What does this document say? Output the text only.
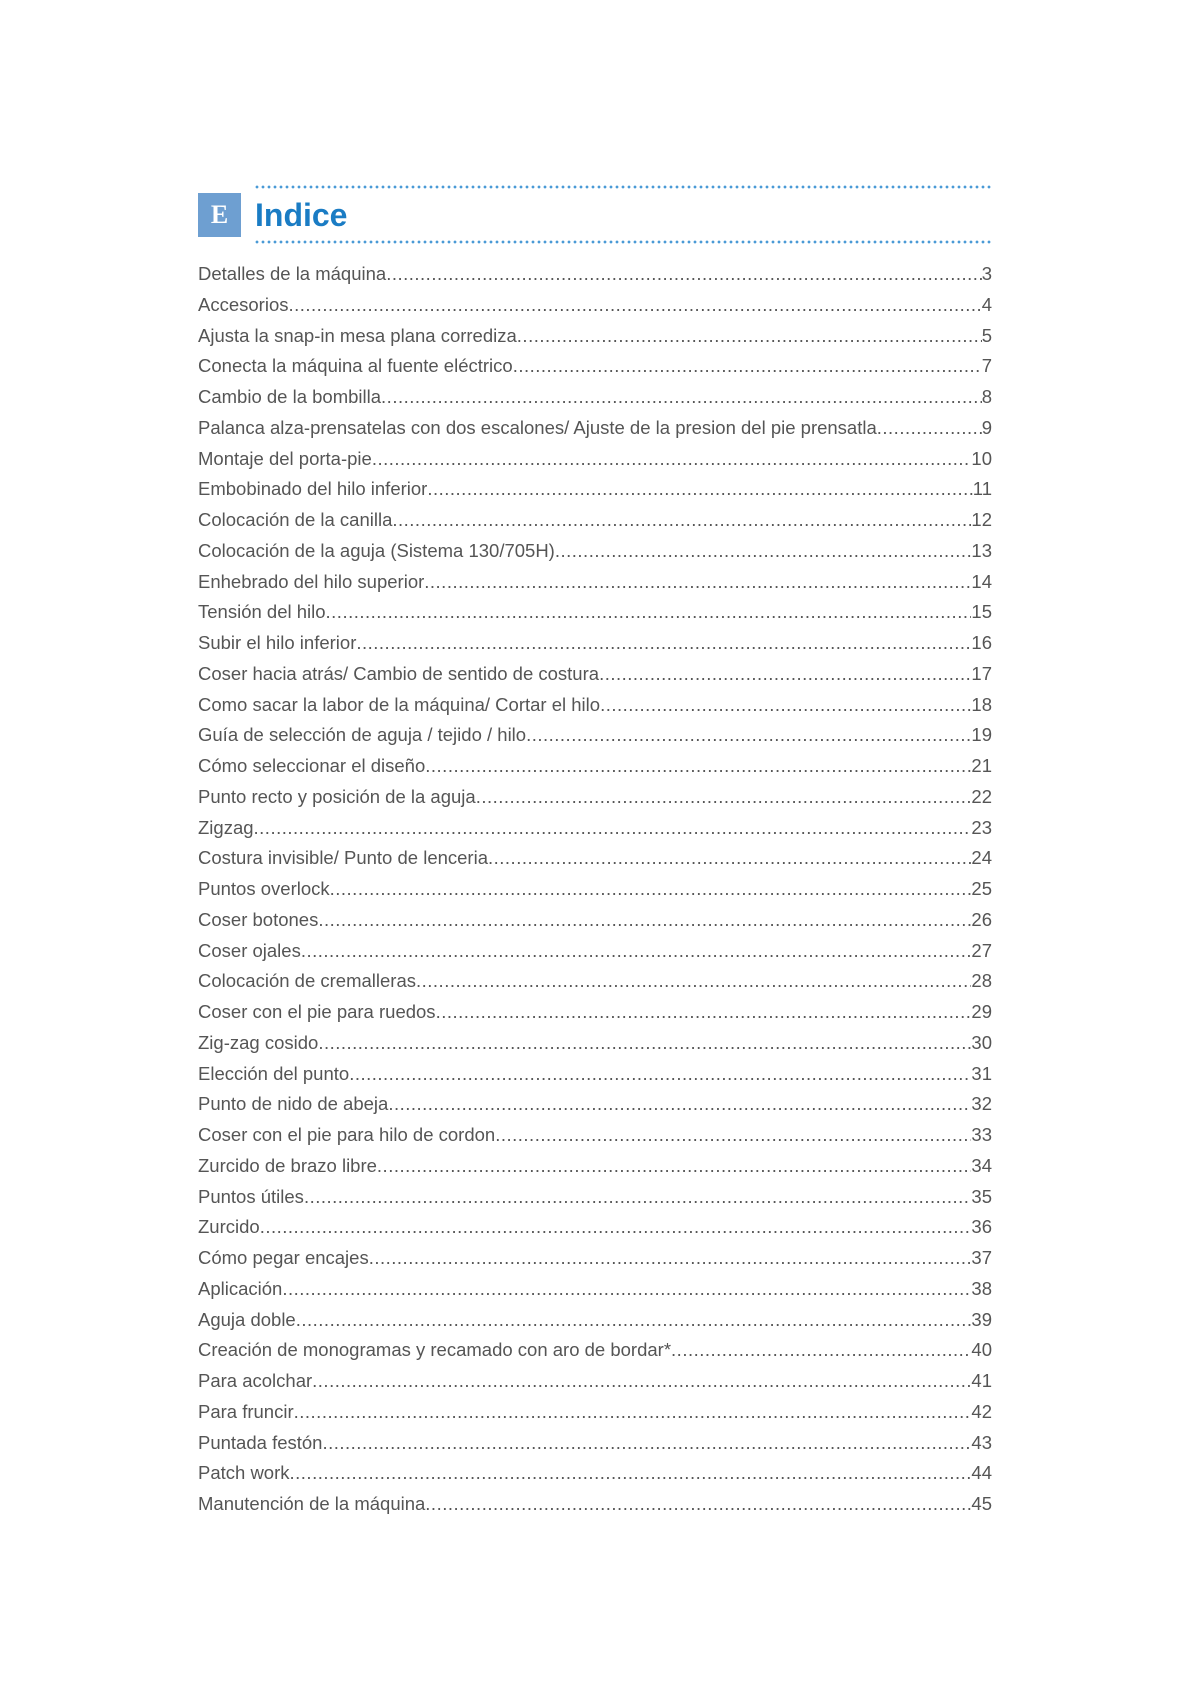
E Indice
Detalles de la máquina .....	3
Accesorios .....	4
Ajusta la snap-in mesa plana corrediza .....	5
Conecta la máquina al fuente eléctrico .....	7
Cambio de la bombilla .....	8
Palanca alza-prensatelas con dos escalones/ Ajuste de la presion del pie prensatla .....	9
Montaje del porta-pie .....	10
Embobinado del hilo inferior .....	11
Colocación de la canilla .....	12
Colocación de la aguja (Sistema 130/705H) .....	13
Enhebrado del hilo superior .....	14
Tensión del hilo .....	15
Subir el hilo inferior .....	16
Coser hacia atrás/ Cambio de sentido de costura .....	17
Como sacar la labor de la máquina/ Cortar el hilo .....	18
Guía de selección de aguja / tejido / hilo .....	19
Cómo seleccionar el diseño .....	21
Punto recto y posición de la aguja .....	22
Zigzag .....	23
Costura invisible/ Punto de lenceria .....	24
Puntos overlock .....	25
Coser botones .....	26
Coser ojales .....	27
Colocación de cremalleras .....	28
Coser con el pie para ruedos .....	29
Zig-zag cosido .....	30
Elección del punto .....	31
Punto de nido de abeja .....	32
Coser con el pie para hilo de cordon .....	33
Zurcido de brazo libre .....	34
Puntos útiles .....	35
Zurcido .....	36
Cómo pegar encajes .....	37
Aplicación .....	38
Aguja doble .....	39
Creación de monogramas y recamado con aro de bordar* .....	40
Para acolchar .....	41
Para fruncir .....	42
Puntada festón .....	43
Patch work .....	44
Manutención de la máquina .....	45
